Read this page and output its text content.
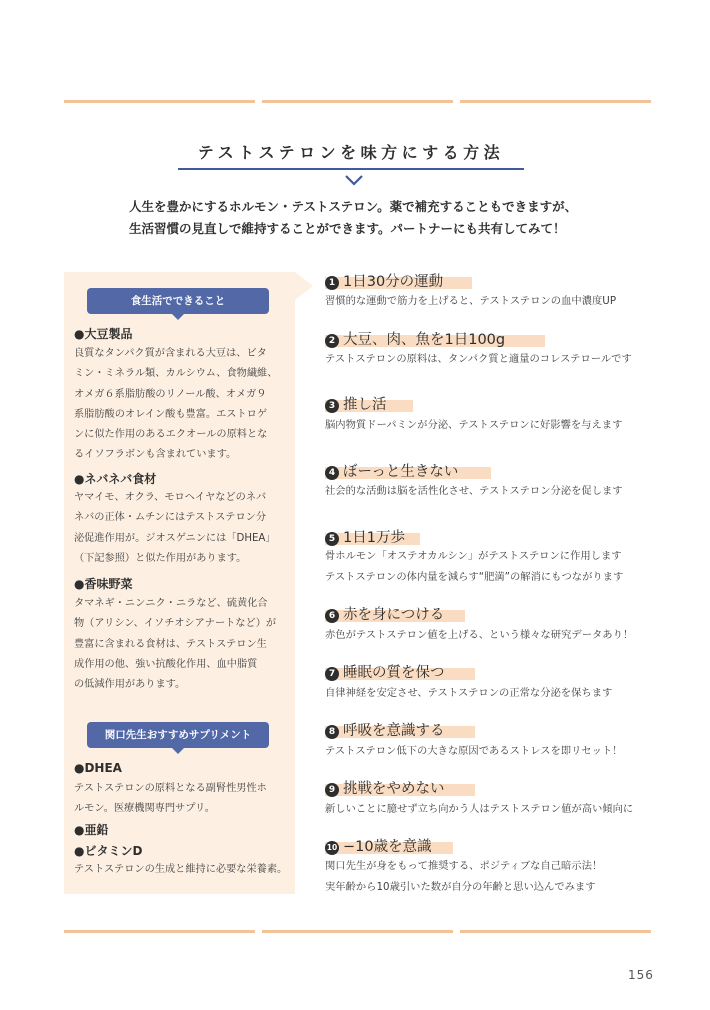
テストステロンを味方にする方法
人生を豊かにするホルモン・テストステロン。薬で補充することもできますが、
生活習慣の見直しで維持することができます。パートナーにも共有してみて！
食生活でできること
●大豆製品
良質なタンパク質が含まれる大豆は、ビタ
ミン・ミネラル類、カルシウム、食物繊維、
オメガ６系脂肪酸のリノール酸、オメガ９
系脂肪酸のオレイン酸も豊富。エストロゲ
ンに似た作用のあるエクオールの原料とな
るイソフラボンも含まれています。
●ネバネバ食材
ヤマイモ、オクラ、モロヘイヤなどのネバ
ネバの正体・ムチンにはテストステロン分
泌促進作用が。ジオスゲニンには「DHEA」
（下記参照）と似た作用があります。
●香味野菜
タマネギ・ニンニク・ニラなど、硫黄化合
物（アリシン、イソチオシアナートなど）が
豊富に含まれる食材は、テストステロン生
成作用の他、強い抗酸化作用、血中脂質
の低減作用があります。
関口先生おすすめサプリメント
●DHEA
テストステロンの原料となる副腎性男性ホ
ルモン。医療機関専門サプリ。
●亜鉛
●ビタミンD
テストステロンの生成と維持に必要な栄養素。
1 1日30分の運動
習慣的な運動で筋力を上げると、テストステロンの血中濃度UP
2 大豆、肉、魚を1日100g
テストステロンの原料は、タンパク質と適量のコレステロールです
3 推し活
脳内物質ドーパミンが分泌、テストステロンに好影響を与えます
4 ぼーっと生きない
社会的な活動は脳を活性化させ、テストステロン分泌を促します
5 1日1万歩
骨ホルモン「オステオカルシン」がテストステロンに作用します
テストステロンの体内量を減らす“肥満”の解消にもつながります
6 赤を身につける
赤色がテストステロン値を上げる、という様々な研究データあり！
7 睡眠の質を保つ
自律神経を安定させ、テストステロンの正常な分泌を保ちます
8 呼吸を意識する
テストステロン低下の大きな原因であるストレスを即リセット！
9 挑戦をやめない
新しいことに臆せず立ち向かう人はテストステロン値が高い傾向に
10 −10歳を意識
関口先生が身をもって推奨する、ポジティブな自己暗示法！
実年齢から10歳引いた数が自分の年齢と思い込んでみます
156
